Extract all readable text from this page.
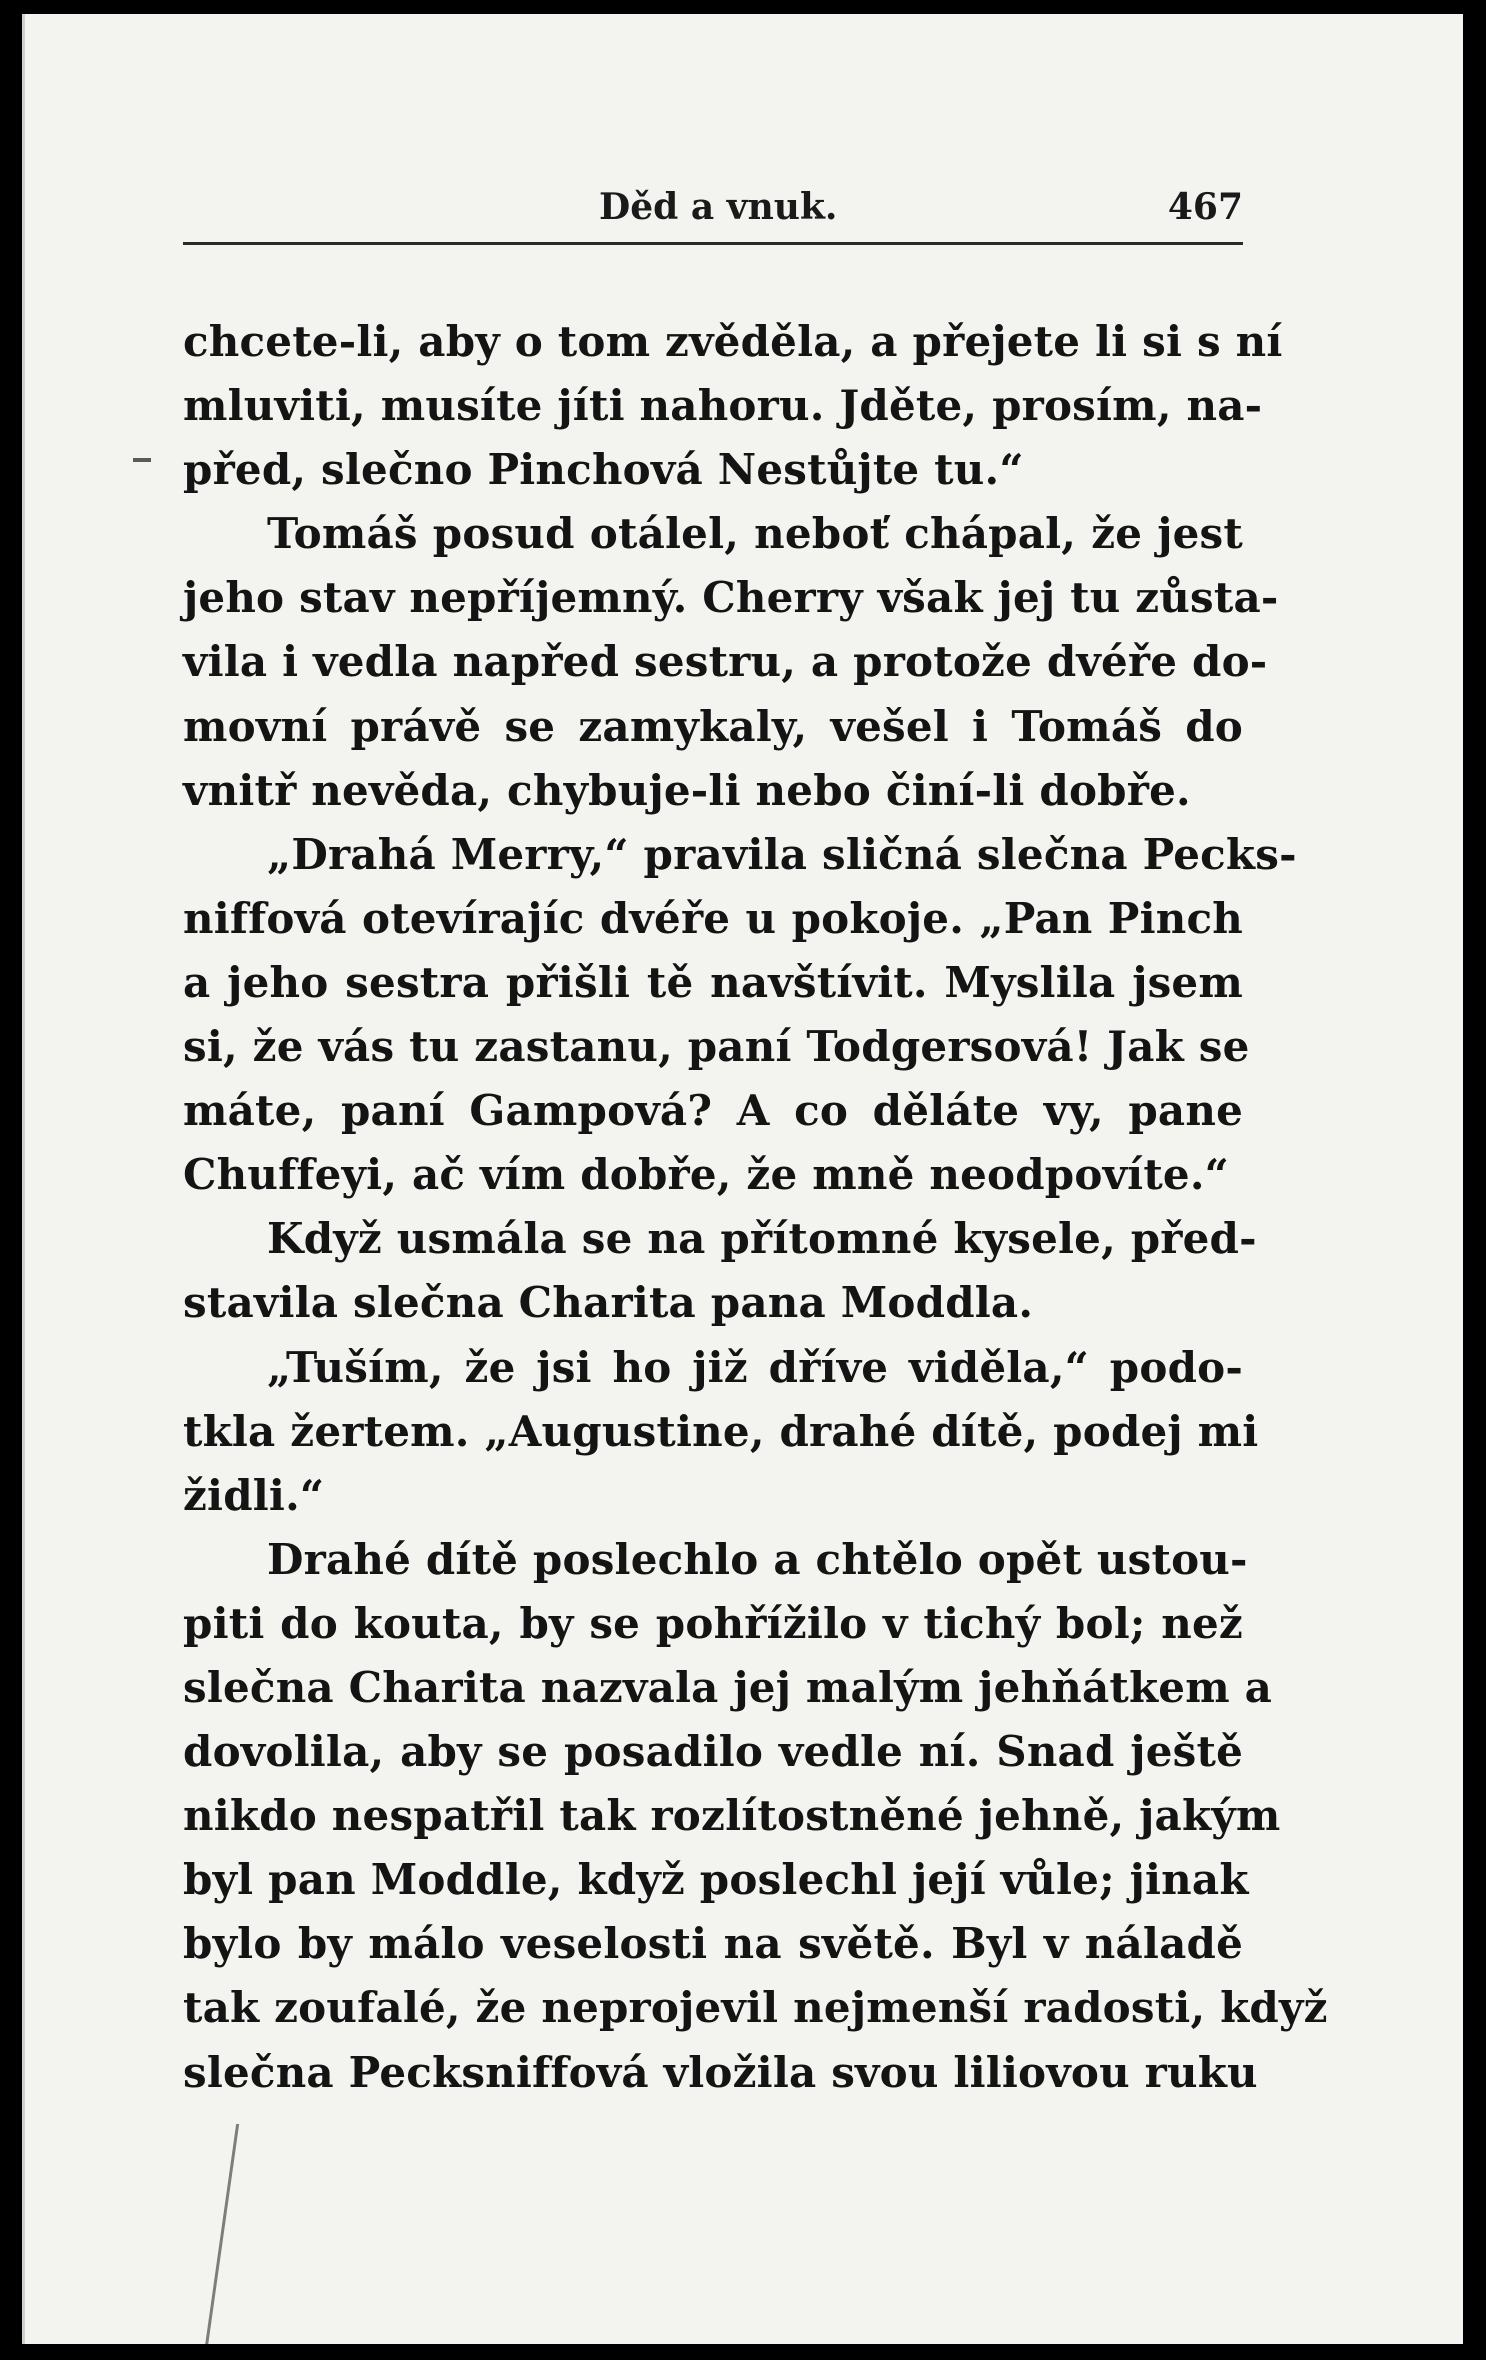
Děd a vnuk.	467
chcete-li, aby o tom zvěděla, a přejete li si s ní
mluviti, musíte jíti nahoru. Jděte, prosím, na-
před, slečno Pinchová Nestůjte tu.“
Tomáš posud otálel, neboť chápal, že jest
jeho stav nepříjemný. Cherry však jej tu zůsta-
vila i vedla napřed sestru, a protože dvéře do-
movní právě se zamykaly, vešel i Tomáš do
vnitř nevěda, chybuje-li nebo činí-li dobře.
„Drahá Merry,“ pravila sličná slečna Pecks-
niffová otevírajíc dvéře u pokoje. „Pan Pinch
a jeho sestra přišli tě navštívit. Myslila jsem
si, že vás tu zastanu, paní Todgersová! Jak se
máte, paní Gampová? A co děláte vy, pane
Chuffeyi, ač vím dobře, že mně neodpovíte.“
Když usmála se na přítomné kysele, před-
stavila slečna Charita pana Moddla.
„Tuším, že jsi ho již dříve viděla,“ podo-
tkla žertem. „Augustine, drahé dítě, podej mi
židli.“
Drahé dítě poslechlo a chtělo opět ustou-
piti do kouta, by se pohřížilo v tichý bol; než
slečna Charita nazvala jej malým jehňátkem a
dovolila, aby se posadilo vedle ní. Snad ještě
nikdo nespatřil tak rozlítostněné jehně, jakým
byl pan Moddle, když poslechl její vůle; jinak
bylo by málo veselosti na světě. Byl v náladě
tak zoufalé, že neprojevil nejmenší radosti, když
slečna Pecksniffová vložila svou liliovou ruku
